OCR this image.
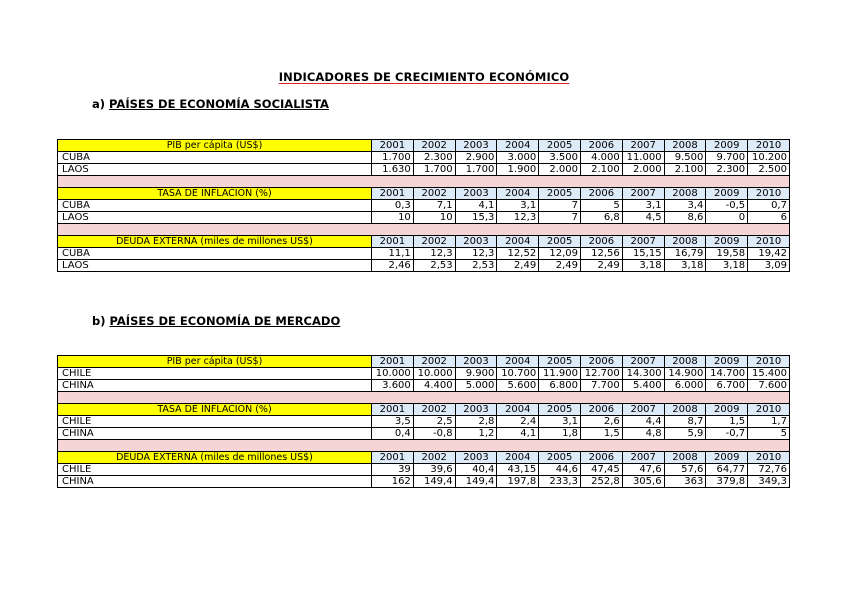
INDICADORES DE CRECIMIENTO ECONÓMICO
a) PAÍSES DE ECONOMÍA SOCIALISTA
PIB per cápita (US$)	2001	2002	2003	2004	2005	2006	2007	2008	2009	2010
CUBA	1.700	2.300	2.900	3.000	3.500	4.000	11.000	9.500	9.700	10.200
LAOS	1.630	1.700	1.700	1.900	2.000	2.100	2.000	2.100	2.300	2.500

TASA DE INFLACIÓN (%)	2001	2002	2003	2004	2005	2006	2007	2008	2009	2010
CUBA	0,3	7,1	4,1	3,1	7	5	3,1	3,4	-0,5	0,7
LAOS	10	10	15,3	12,3	7	6,8	4,5	8,6	0	6

DEUDA EXTERNA (miles de millones US$)	2001	2002	2003	2004	2005	2006	2007	2008	2009	2010
CUBA	11,1	12,3	12,3	12,52	12,09	12,56	15,15	16,79	19,58	19,42
LAOS	2,46	2,53	2,53	2,49	2,49	2,49	3,18	3,18	3,18	3,09
b) PAÍSES DE ECONOMÍA DE MERCADO
PIB per cápita (US$)	2001	2002	2003	2004	2005	2006	2007	2008	2009	2010
CHILE	10.000	10.000	9.900	10.700	11.900	12.700	14.300	14.900	14.700	15.400
CHINA	3.600	4.400	5.000	5.600	6.800	7.700	5.400	6.000	6.700	7.600

TASA DE INFLACIÓN (%)	2001	2002	2003	2004	2005	2006	2007	2008	2009	2010
CHILE	3,5	2,5	2,8	2,4	3,1	2,6	4,4	8,7	1,5	1,7
CHINA	0,4	-0,8	1,2	4,1	1,8	1,5	4,8	5,9	-0,7	5

DEUDA EXTERNA (miles de millones US$)	2001	2002	2003	2004	2005	2006	2007	2008	2009	2010
CHILE	39	39,6	40,4	43,15	44,6	47,45	47,6	57,6	64,77	72,76
CHINA	162	149,4	149,4	197,8	233,3	252,8	305,6	363	379,8	349,3
